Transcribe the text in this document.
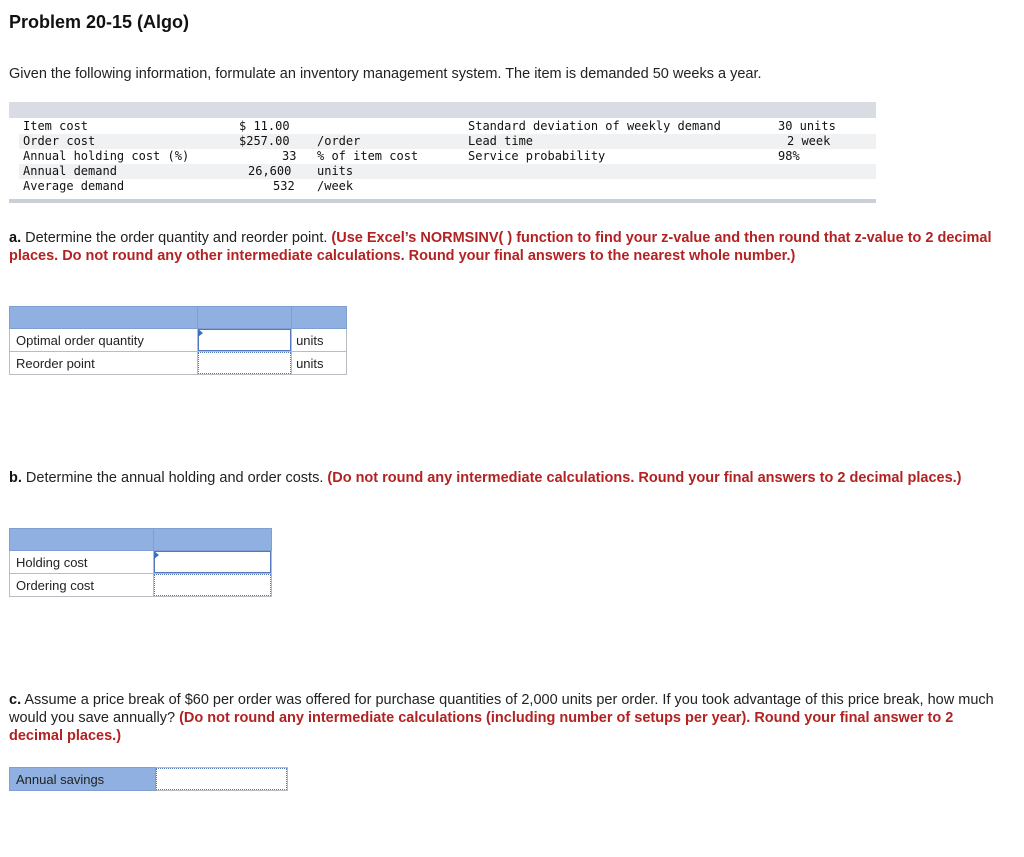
Problem 20-15 (Algo)
Given the following information, formulate an inventory management system. The item is demanded 50 weeks a year.
Item cost	$ 11.00	Standard deviation of weekly demand	30 units
Order cost	$257.00 /order	Lead time	2 week
Annual holding cost (%)	33 % of item cost	Service probability	98%
Annual demand	26,600 units
Average demand	532 /week
a. Determine the order quantity and reorder point. (Use Excel’s NORMSINV( ) function to find your z-value and then round that z-value to 2 decimal places. Do not round any other intermediate calculations. Round your final answers to the nearest whole number.)

Optimal order quantity		units
Reorder point		units
b. Determine the annual holding and order costs. (Do not round any intermediate calculations. Round your final answers to 2 decimal places.)

Holding cost	

Ordering cost	
c. Assume a price break of $60 per order was offered for purchase quantities of 2,000 units per order. If you took advantage of this price break, how much would you save annually? (Do not round any intermediate calculations (including number of setups per year). Round your final answer to 2 decimal places.)
Annual savings	
